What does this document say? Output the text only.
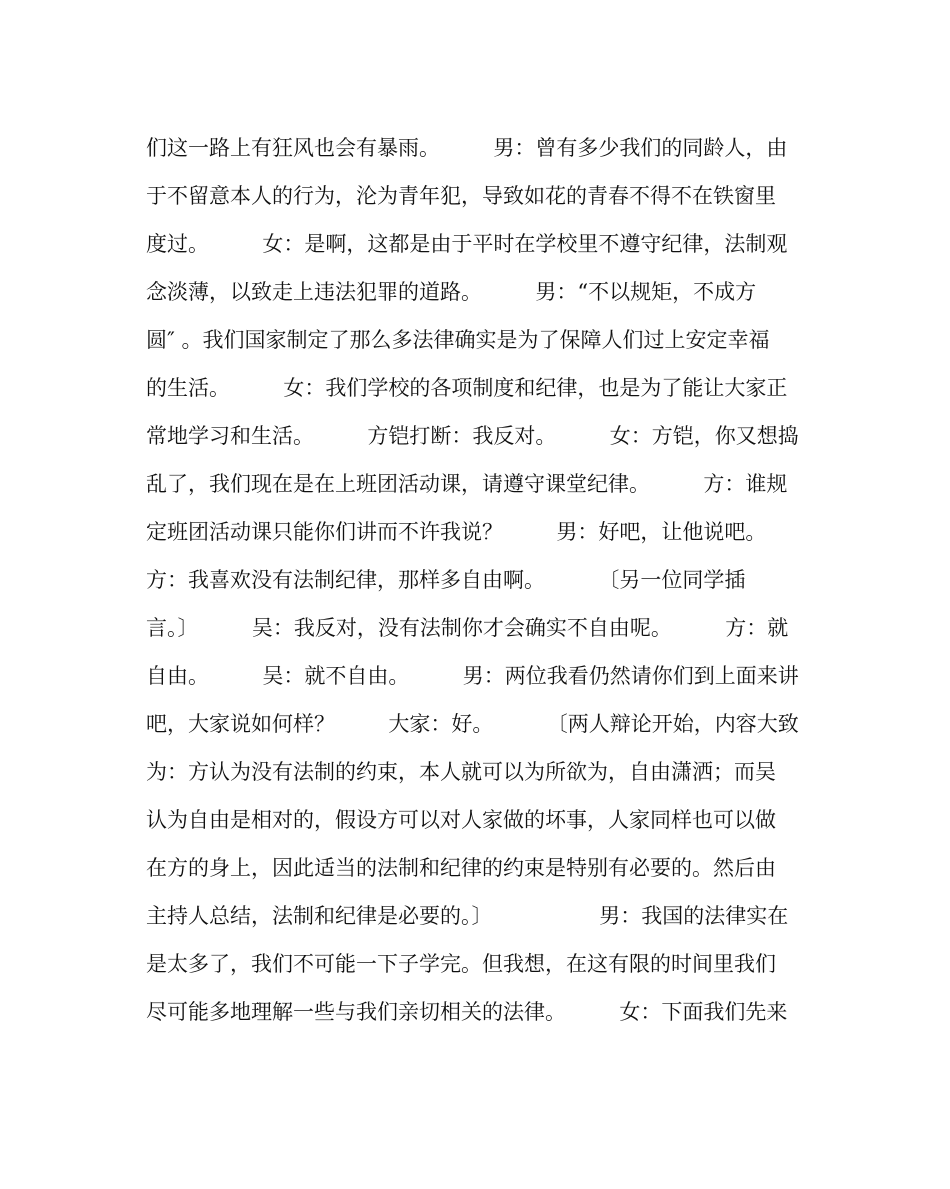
们这一路上有狂风也会有暴雨。        男：曾有多少我们的同龄人，由
于不留意本人的行为，沦为青年犯，导致如花的青春不得不在铁窗里
度过。        女：是啊，这都是由于平时在学校里不遵守纪律，法制观
念淡薄，以致走上违法犯罪的道路。        男：“不以规矩，不成方
圆″ 。我们国家制定了那么多法律确实是为了保障人们过上安定幸福
的生活。        女：我们学校的各项制度和纪律，也是为了能让大家正
常地学习和生活。        方铠打断：我反对。        女：方铠，你又想捣
乱了，我们现在是在上班团活动课，请遵守课堂纪律。        方：谁规
定班团活动课只能你们讲而不许我说？        男：好吧，让他说吧。
方：我喜欢没有法制纪律，那样多自由啊。        〔另一位同学插
言。〕        吴：我反对，没有法制你才会确实不自由呢。        方：就
自由。        吴：就不自由。        男：两位我看仍然请你们到上面来讲
吧，大家说如何样？        大家：好。        〔两人辩论开始，内容大致
为：方认为没有法制的约束，本人就可以为所欲为，自由潇洒；而吴
认为自由是相对的，假设方可以对人家做的坏事，人家同样也可以做
在方的身上，因此适当的法制和纪律的约束是特别有必要的。然后由
主持人总结，法制和纪律是必要的。〕                男：我国的法律实在
是太多了，我们不可能一下子学完。但我想，在这有限的时间里我们
尽可能多地理解一些与我们亲切相关的法律。        女：下面我们先来
